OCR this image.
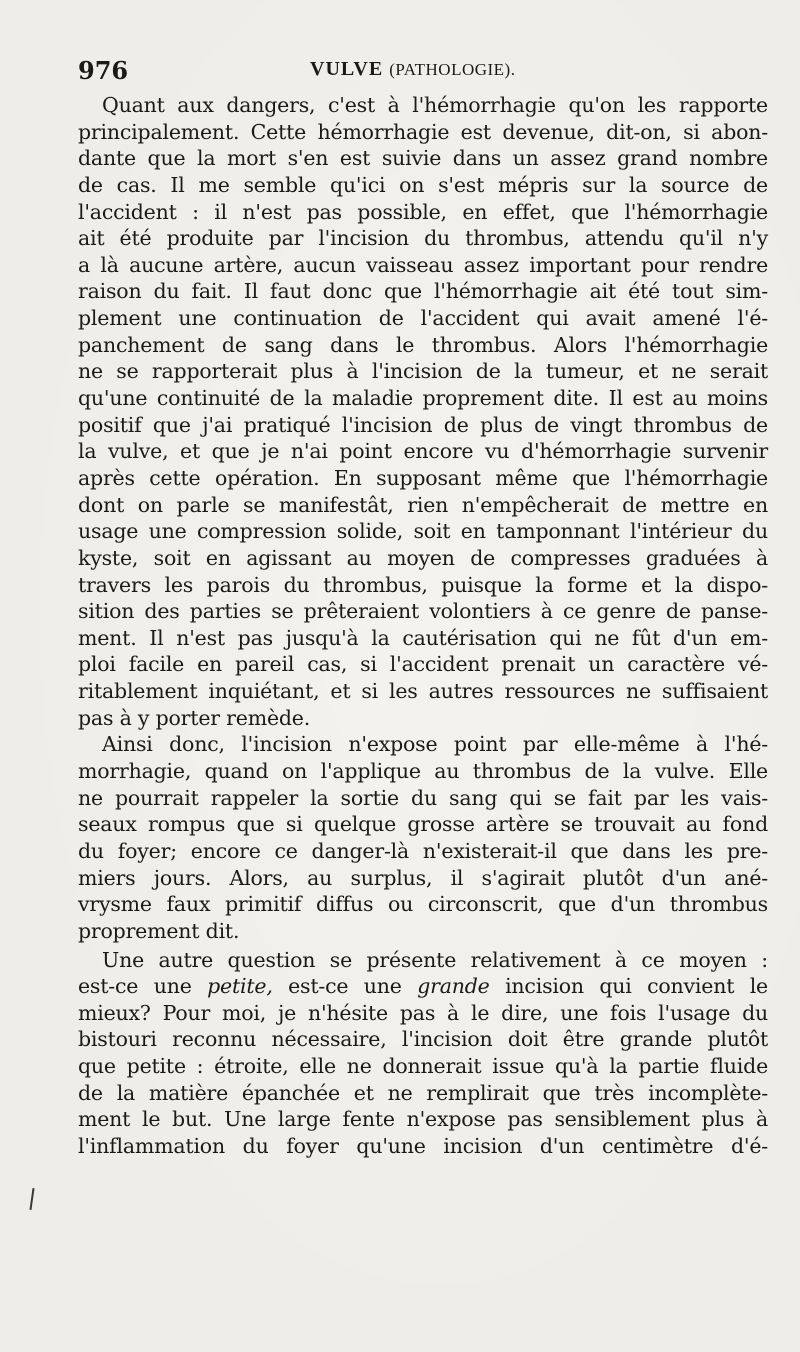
976	VULVE (PATHOLOGIE).
Quant aux dangers, c'est à l'hémorrhagie qu'on les rapporte
principalement. Cette hémorrhagie est devenue, dit-on, si abon-
dante que la mort s'en est suivie dans un assez grand nombre
de cas. Il me semble qu'ici on s'est mépris sur la source de
l'accident : il n'est pas possible, en effet, que l'hémorrhagie
ait été produite par l'incision du thrombus, attendu qu'il n'y
a là aucune artère, aucun vaisseau assez important pour rendre
raison du fait. Il faut donc que l'hémorrhagie ait été tout sim-
plement une continuation de l'accident qui avait amené l'é-
panchement de sang dans le thrombus. Alors l'hémorrhagie
ne se rapporterait plus à l'incision de la tumeur, et ne serait
qu'une continuité de la maladie proprement dite. Il est au moins
positif que j'ai pratiqué l'incision de plus de vingt thrombus de
la vulve, et que je n'ai point encore vu d'hémorrhagie survenir
après cette opération. En supposant même que l'hémorrhagie
dont on parle se manifestât, rien n'empêcherait de mettre en
usage une compression solide, soit en tamponnant l'intérieur du
kyste, soit en agissant au moyen de compresses graduées à
travers les parois du thrombus, puisque la forme et la dispo-
sition des parties se prêteraient volontiers à ce genre de panse-
ment. Il n'est pas jusqu'à la cautérisation qui ne fût d'un em-
ploi facile en pareil cas, si l'accident prenait un caractère vé-
ritablement inquiétant, et si les autres ressources ne suffisaient
pas à y porter remède.
Ainsi donc, l'incision n'expose point par elle-même à l'hé-
morrhagie, quand on l'applique au thrombus de la vulve. Elle
ne pourrait rappeler la sortie du sang qui se fait par les vais-
seaux rompus que si quelque grosse artère se trouvait au fond
du foyer; encore ce danger-là n'existerait-il que dans les pre-
miers jours. Alors, au surplus, il s'agirait plutôt d'un ané-
vrysme faux primitif diffus ou circonscrit, que d'un thrombus
proprement dit.
Une autre question se présente relativement à ce moyen :
est-ce une petite, est-ce une grande incision qui convient le
mieux? Pour moi, je n'hésite pas à le dire, une fois l'usage du
bistouri reconnu nécessaire, l'incision doit être grande plutôt
que petite : étroite, elle ne donnerait issue qu'à la partie fluide
de la matière épanchée et ne remplirait que très incomplète-
ment le but. Une large fente n'expose pas sensiblement plus à
l'inflammation du foyer qu'une incision d'un centimètre d'é-
